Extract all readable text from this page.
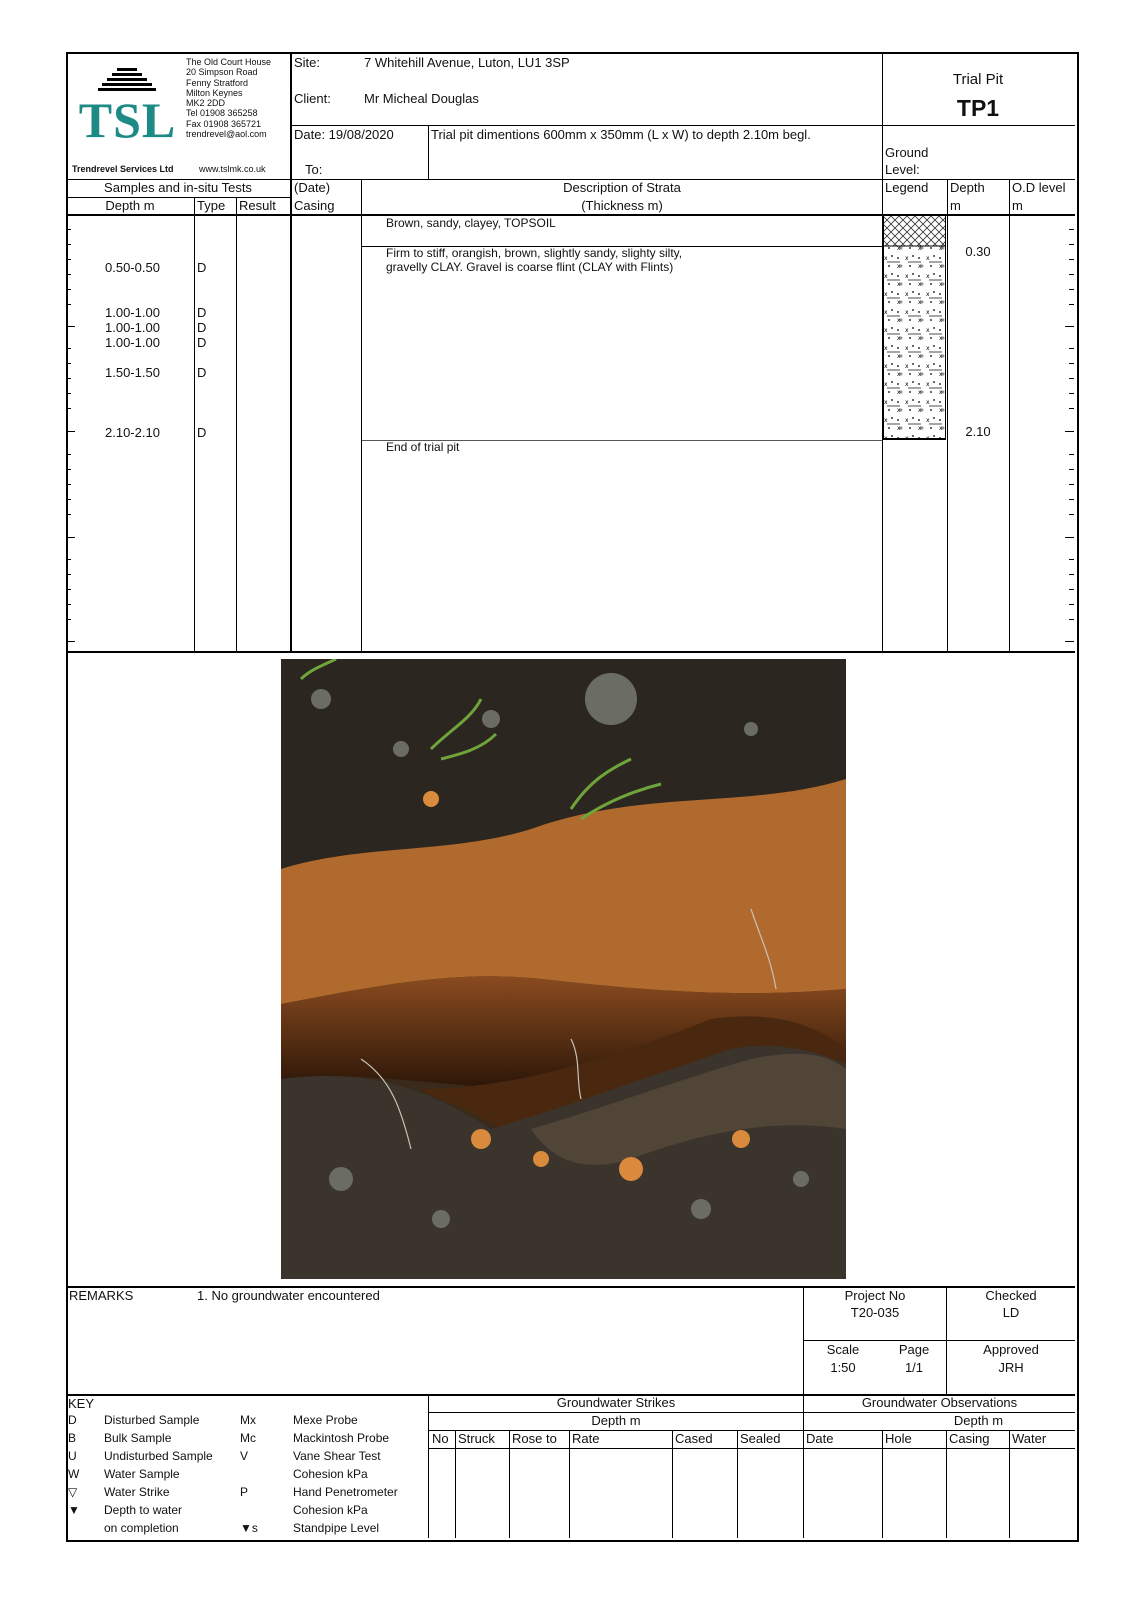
TSL
Trendrevel Services Ltd	www.tslmk.co.uk
The Old Court House
20 Simpson Road
Fenny Stratford
Milton Keynes
MK2 2DD
Tel 01908 365258
Fax 01908 365721
trendrevel@aol.com
Site:	7 Whitehill Avenue, Luton, LU1 3SP
Client:	Mr Micheal Douglas
Date: 19/08/2020
To:
Trial pit dimentions 600mm x 350mm (L x W) to depth 2.10m begl.
Trial Pit
TP1
Ground
Level:
Samples and in-situ Tests
Depth m	Type Result
(Date)
Casing
Description of Strata
(Thickness m)
Legend Depth
m
O.D level
m
0.50-0.50	D
1.00-1.00	D
1.00-1.00	D
1.00-1.00	D
1.50-1.50	D
2.10-2.10	D
Brown, sandy, clayey, TOPSOIL
Firm to stiff, orangish, brown, slightly sandy, slighty silty,
gravelly CLAY. Gravel is coarse flint (CLAY with Flints)
End of trial pit
0.30
2.10
REMARKS	1. No groundwater encountered	Project No
T20-035
Checked
LD
Scale
1:50
Page
1/1
Approved
JRH
KEY
D Disturbed Sample
B Bulk Sample
U Undisturbed Sample
W Water Sample
▽ Water Strike
▼ Depth to water
on completion
Mx	Mexe Probe
Mc	Mackintosh Probe
V	Vane Shear Test
Cohesion kPa
P	Hand Penetrometer
Cohesion kPa
▼s	Standpipe Level
Groundwater Strikes
Depth m
Groundwater Observations
Depth m
No Struck Rose to Rate	Cased Sealed Date	Hole	Casing Water
